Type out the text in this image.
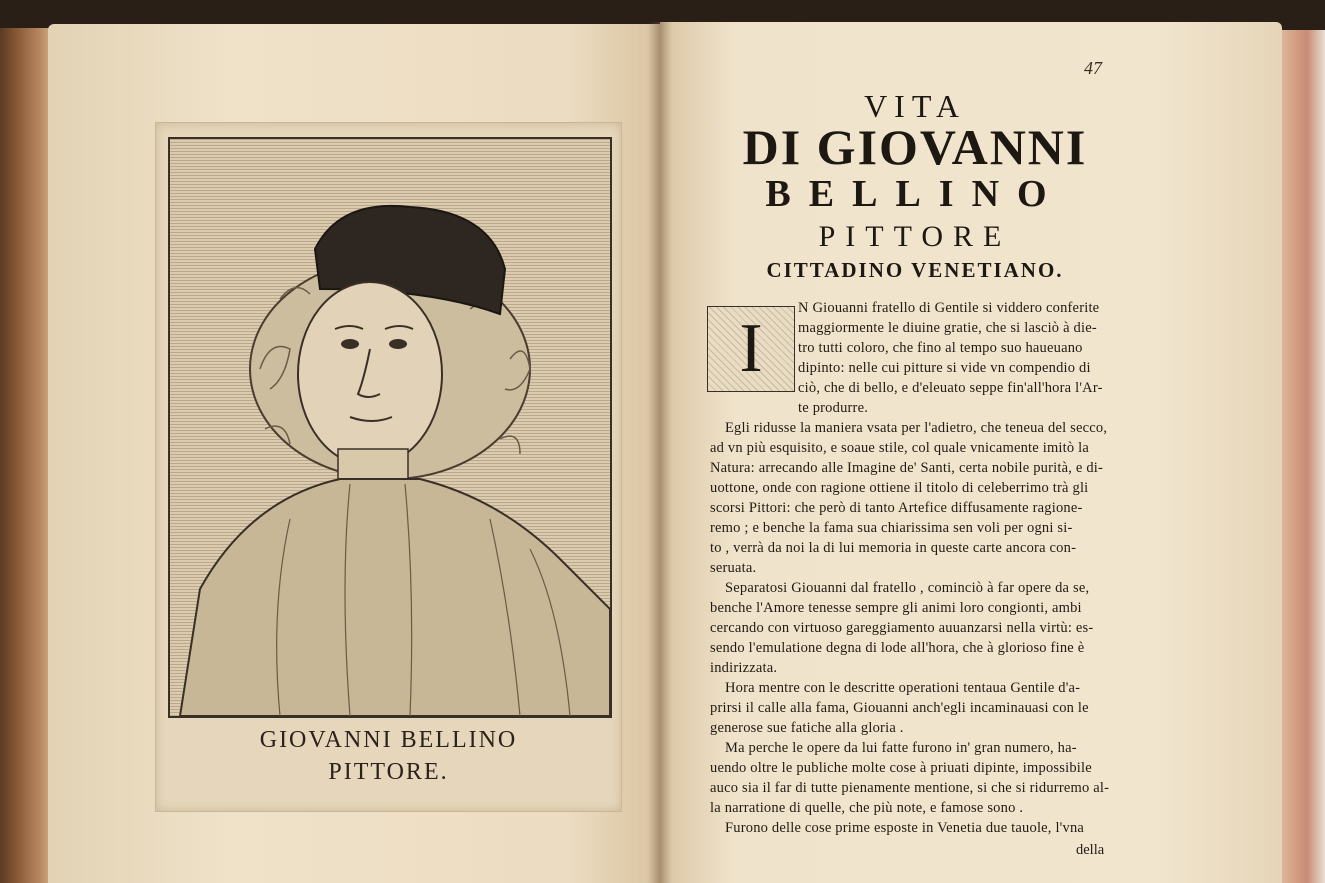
GIOVANNI BELLINO
PITTORE.
47
VITA
DI GIOVANNI
BELLINO
PITTORE
CITTADINO VENETIANO.
I
N Giouanni fratello di Gentile si viddero conferite
maggiormente le diuine gratie, che si lasciò à die-
tro tutti coloro, che fino al tempo suo haueuano
dipinto: nelle cui pitture si vide vn compendio di
ciò, che di bello, e d'eleuato seppe fin'all'hora l'Ar-
te produrre.
Egli ridusse la maniera vsata per l'adietro, che teneua del secco,
ad vn più esquisito, e soaue stile, col quale vnicamente imitò la
Natura: arrecando alle Imagine de' Santi, certa nobile purità, e di-
uottone, onde con ragione ottiene il titolo di celeberrimo trà gli
scorsi Pittori: che però di tanto Artefice diffusamente ragione-
remo ; e benche la fama sua chiarissima sen voli per ogni si-
to , verrà da noi la di lui memoria in queste carte ancora con-
seruata.
Separatosi Giouanni dal fratello , cominciò à far opere da se,
benche l'Amore tenesse sempre gli animi loro congionti, ambi
cercando con virtuoso gareggiamento auuanzarsi nella virtù: es-
sendo l'emulatione degna di lode all'hora, che à glorioso fine è
indirizzata.
Hora mentre con le descritte operationi tentaua Gentile d'a-
prirsi il calle alla fama, Giouanni anch'egli incaminauasi con le
generose sue fatiche alla gloria .
Ma perche le opere da lui fatte furono in' gran numero, ha-
uendo oltre le publiche molte cose à priuati dipinte, impossibile
auco sia il far di tutte pienamente mentione, si che si ridurremo al-
la narratione di quelle, che più note, e famose sono .
Furono delle cose prime esposte in Venetia due tauole, l'vna
della
